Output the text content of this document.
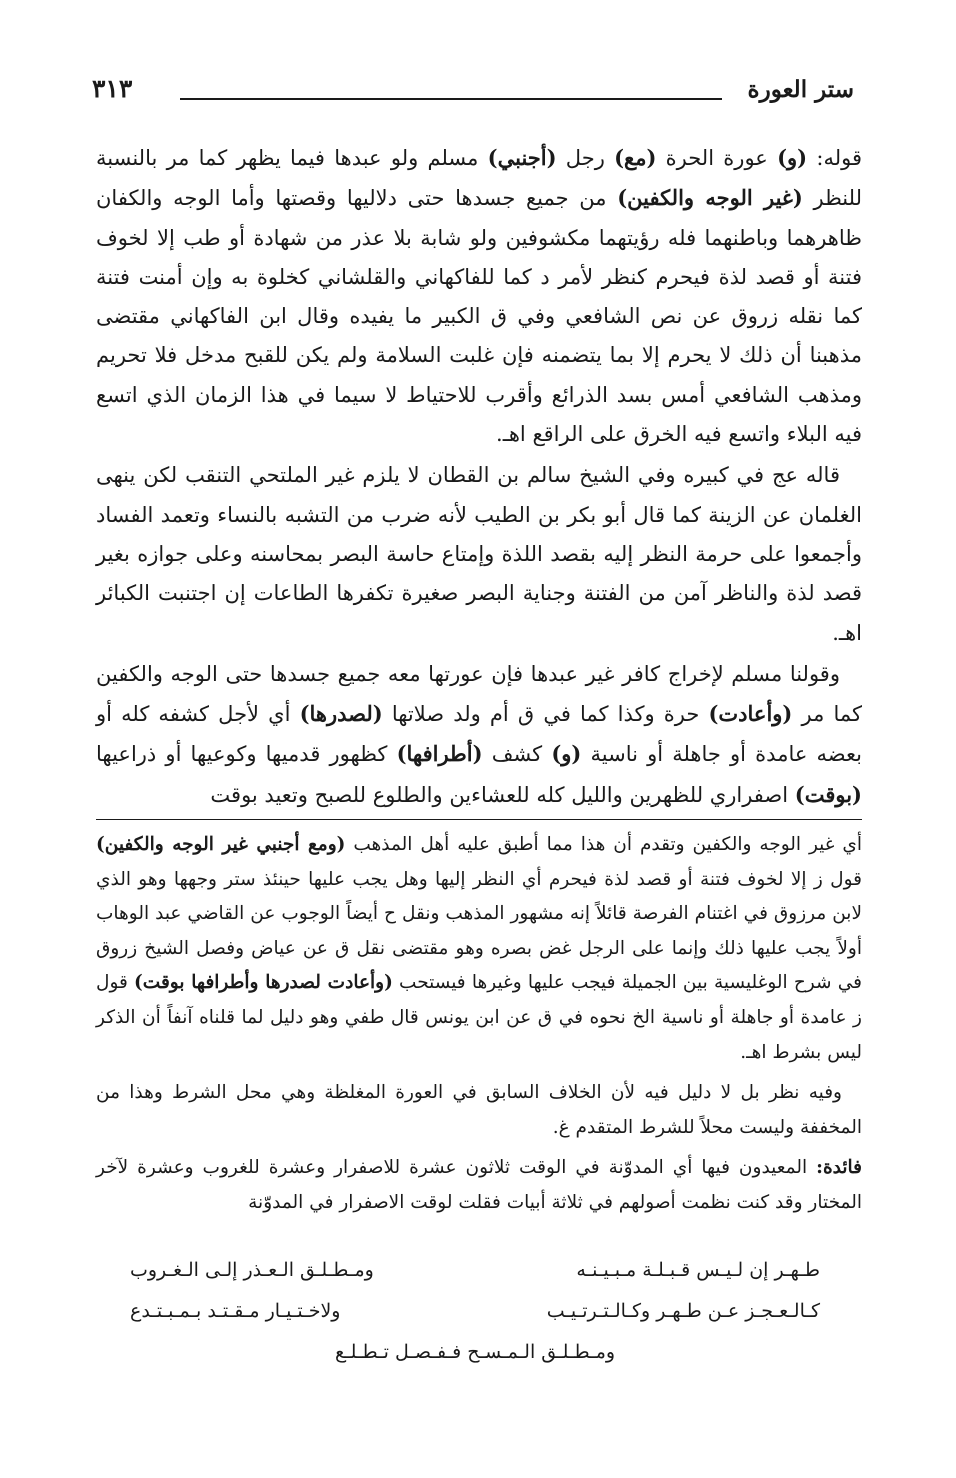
ستر العورة
٣١٣

قوله: (و) عورة الحرة (مع) رجل (أجنبي) مسلم ولو عبدها فيما يظهر كما مر بالنسبة للنظر (غير الوجه والكفين) من جميع جسدها حتى دلاليها وقصتها وأما الوجه والكفان ظاهرهما وباطنهما فله رؤيتهما مكشوفين ولو شابة بلا عذر من شهادة أو طب إلا لخوف فتنة أو قصد لذة فيحرم كنظر لأمر د كما للفاكهاني والقلشاني كخلوة به وإن أمنت فتنة كما نقله زروق عن نص الشافعي وفي ق الكبير ما يفيده وقال ابن الفاكهاني مقتضى مذهبنا أن ذلك لا يحرم إلا بما يتضمنه فإن غلبت السلامة ولم يكن للقبح مدخل فلا تحريم ومذهب الشافعي أمس بسد الذرائع وأقرب للاحتياط لا سيما في هذا الزمان الذي اتسع فيه البلاء واتسع فيه الخرق على الراقع اهـ.

قاله عج في كبيره وفي الشيخ سالم بن القطان لا يلزم غير الملتحي التنقب لكن ينهى الغلمان عن الزينة كما قال أبو بكر بن الطيب لأنه ضرب من التشبه بالنساء وتعمد الفساد وأجمعوا على حرمة النظر إليه بقصد اللذة وإمتاع حاسة البصر بمحاسنه وعلى جوازه بغير قصد لذة والناظر آمن من الفتنة وجناية البصر صغيرة تكفرها الطاعات إن اجتنبت الكبائر اهـ.

وقولنا مسلم لإخراج كافر غير عبدها فإن عورتها معه جميع جسدها حتى الوجه والكفين كما مر (وأعادت) حرة وكذا كما في ق أم ولد صلاتها (لصدرها) أي لأجل كشفه كله أو بعضه عامدة أو جاهلة أو ناسية (و) كشف (أطرافها) كظهور قدميها وكوعيها أو ذراعيها (بوقت) اصفراري للظهرين والليل كله للعشاءين والطلوع للصبح وتعيد بوقت

أي غير الوجه والكفين وتقدم أن هذا مما أطبق عليه أهل المذهب (ومع أجنبي غير الوجه والكفين) قول ز إلا لخوف فتنة أو قصد لذة فيحرم أي النظر إليها وهل يجب عليها حينئذ ستر وجهها وهو الذي لابن مرزوق في اغتنام الفرصة قائلاً إنه مشهور المذهب ونقل ح أيضاً الوجوب عن القاضي عبد الوهاب أولاً يجب عليها ذلك وإنما على الرجل غض بصره وهو مقتضى نقل ق عن عياض وفصل الشيخ زروق في شرح الوغليسية بين الجميلة فيجب عليها وغيرها فيستحب (وأعادت لصدرها وأطرافها بوقت) قول ز عامدة أو جاهلة أو ناسية الخ نحوه في ق عن ابن يونس قال طفي وهو دليل لما قلناه آنفاً أن الذكر ليس بشرط اهـ.

وفيه نظر بل لا دليل فيه لأن الخلاف السابق في العورة المغلظة وهي محل الشرط وهذا من المخففة وليست محلاً للشرط المتقدم غ.

فائدة: المعيدون فيها أي المدوّنة في الوقت ثلاثون عشرة للاصفرار وعشرة للغروب وعشرة لآخر المختار وقد كنت نظمت أصولهم في ثلاثة أبيات فقلت لوقت الاصفرار في المدوّنة

طـهـر إن لـيـس قـبـلـة مـبـيـنـه
ومـطـلـق الـعـذر إلـى الـغـروب
كـالـعـجـز عـن طـهـر وكـالـتـرتـيـب
ولاخـتـيـار مـقـتـد بـمـبـتـدع
ومـطـلـق الـمـسـح فـفـصـل تـطـلـع
